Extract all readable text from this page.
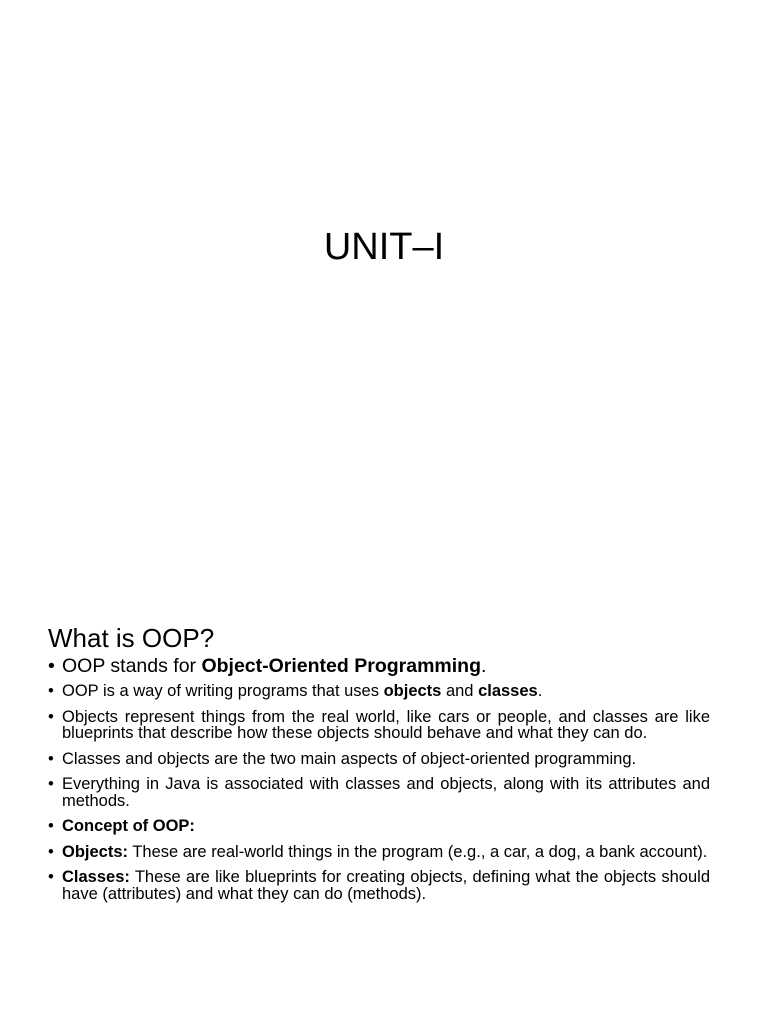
UNIT–I
What is OOP?
• OOP stands for Object-Oriented Programming.
• OOP is a way of writing programs that uses objects and classes.
• Objects represent things from the real world, like cars or people, and classes are like blueprints that describe how these objects should behave and what they can do.
• Classes and objects are the two main aspects of object-oriented programming.
• Everything in Java is associated with classes and objects, along with its attributes and methods.
• Concept of OOP:
• Objects: These are real-world things in the program (e.g., a car, a dog, a bank account).
• Classes: These are like blueprints for creating objects, defining what the objects should have (attributes) and what they can do (methods).
